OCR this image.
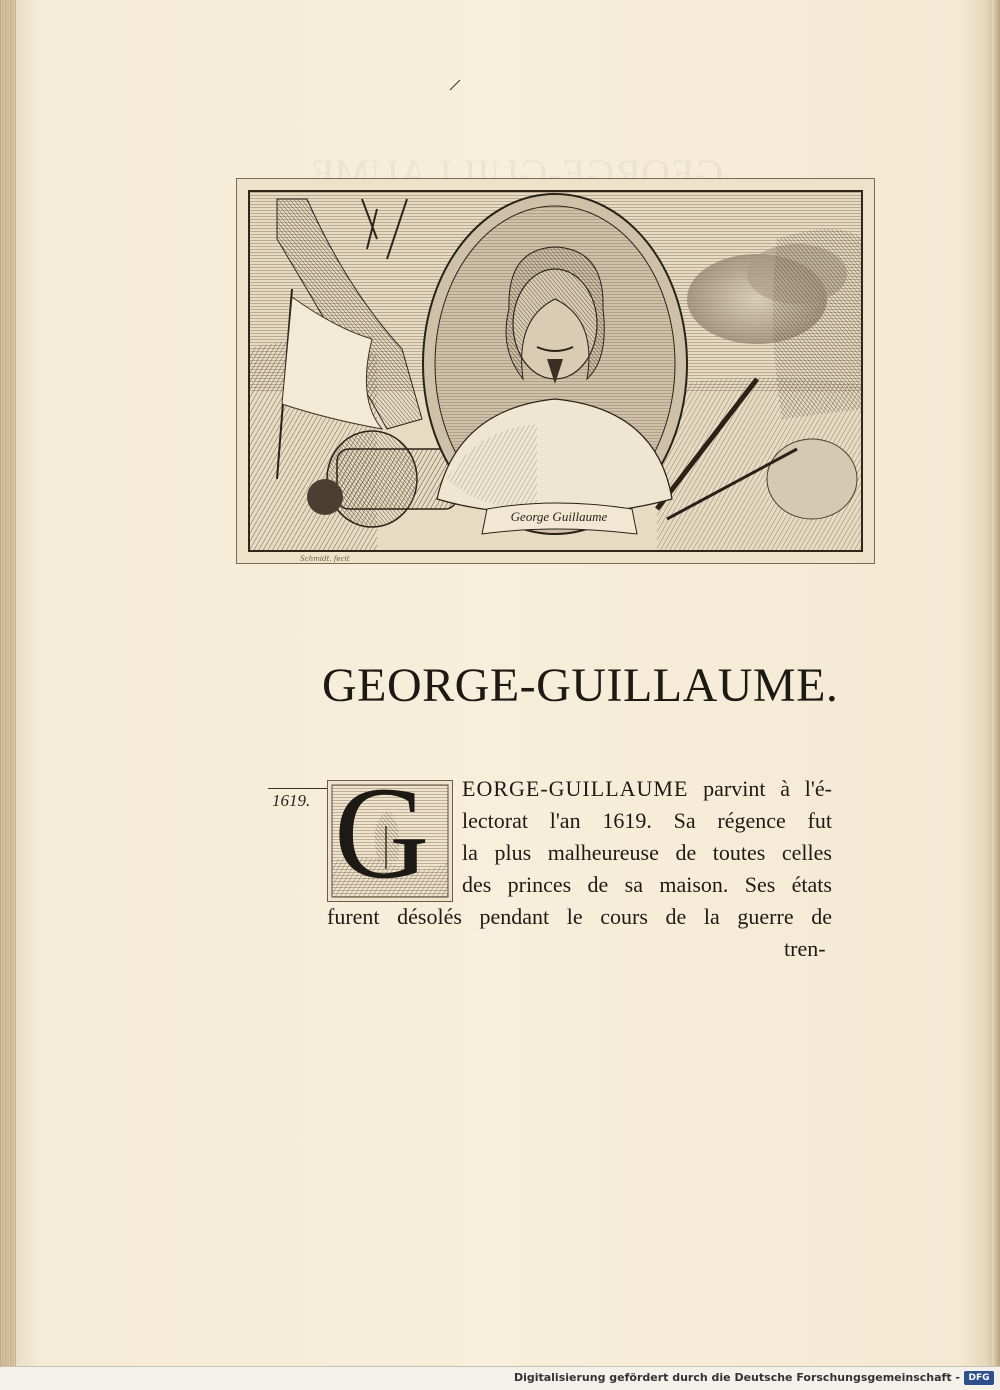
George Guillaume
Schmidt. fecit
GEORGE-GUILLAUME.
1619. G EORGE-GUILLAUME parvint à l'é-
lectorat l'an 1619. Sa régence fut
la plus malheureuse de toutes celles
des princes de sa maison. Ses états
furent désolés pendant le cours de la guerre de
tren-
Digitalisierung gefördert durch die Deutsche Forschungsgemeinschaft - DFG
